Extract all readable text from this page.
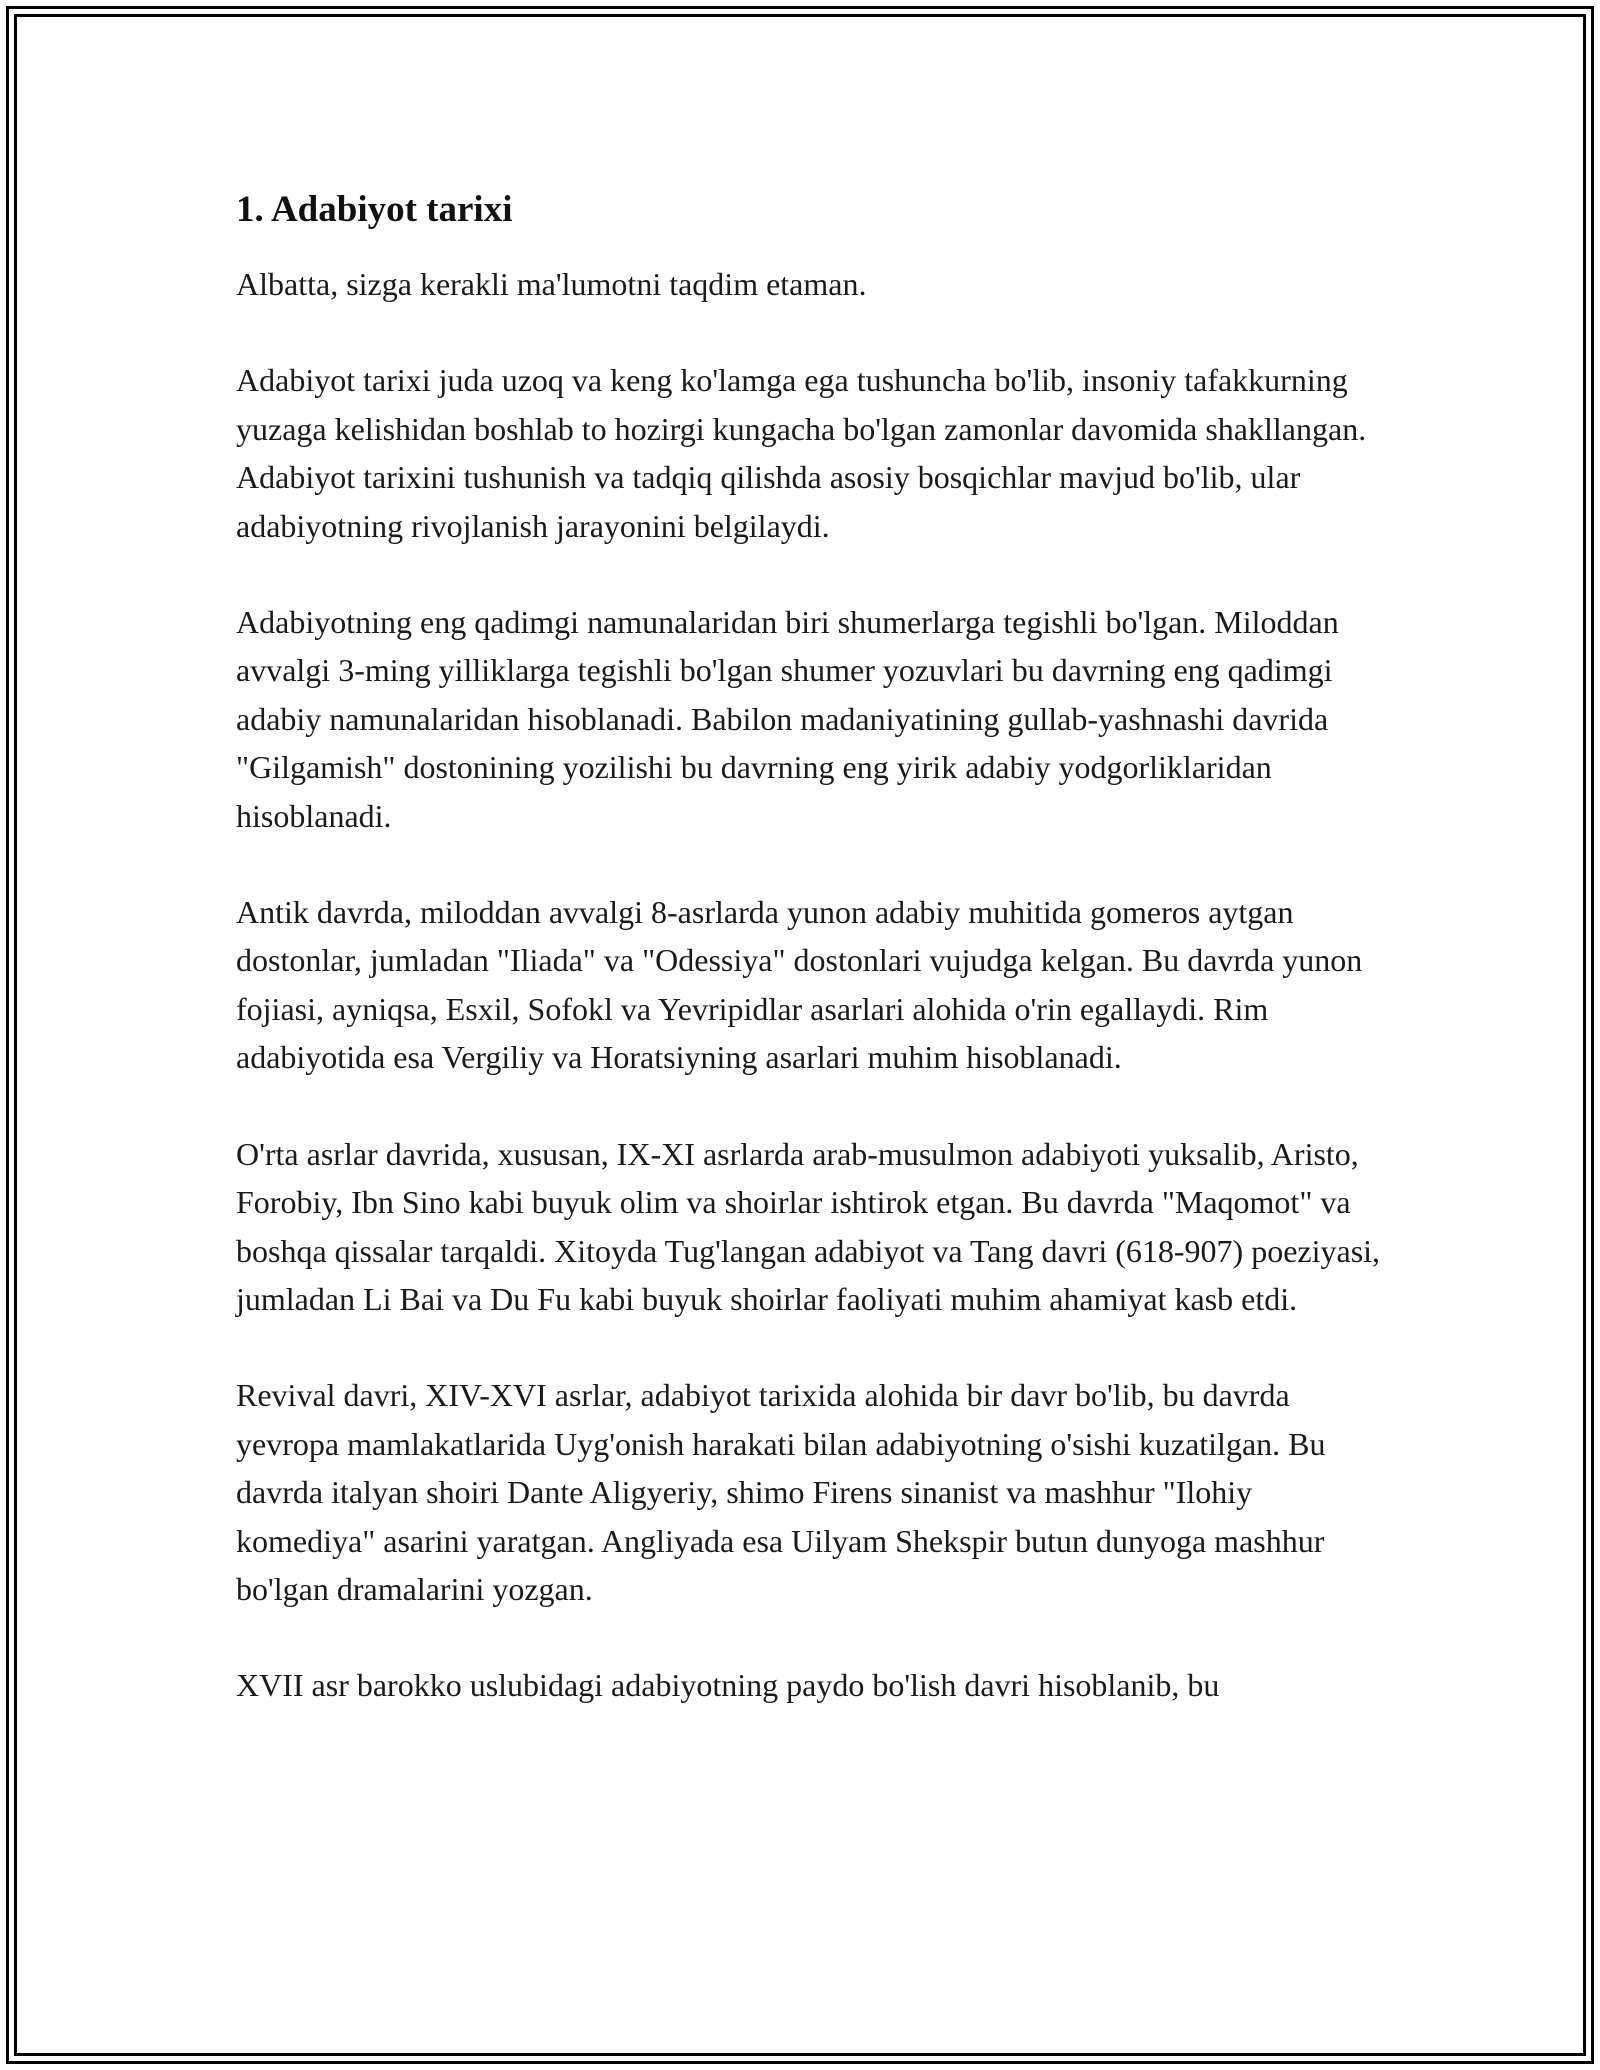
1. Adabiyot tarixi

Albatta, sizga kerakli ma'lumotni taqdim etaman.

Adabiyot tarixi juda uzoq va keng ko'lamga ega tushuncha bo'lib, insoniy tafakkurning yuzaga kelishidan boshlab to hozirgi kungacha bo'lgan zamonlar davomida shakllangan. Adabiyot tarixini tushunish va tadqiq qilishda asosiy bosqichlar mavjud bo'lib, ular adabiyotning rivojlanish jarayonini belgilaydi.

Adabiyotning eng qadimgi namunalaridan biri shumerlarga tegishli bo'lgan. Miloddan avvalgi 3-ming yilliklarga tegishli bo'lgan shumer yozuvlari bu davrning eng qadimgi adabiy namunalaridan hisoblanadi. Babilon madaniyatining gullab-yashnashi davrida "Gilgamish" dostonining yozilishi bu davrning eng yirik adabiy yodgorliklaridan hisoblanadi.

Antik davrda, miloddan avvalgi 8-asrlarda yunon adabiy muhitida gomeros aytgan dostonlar, jumladan "Iliada" va "Odessiya" dostonlari vujudga kelgan. Bu davrda yunon fojiasi, ayniqsa, Esxil, Sofokl va Yevripidlar asarlari alohida o'rin egallaydi. Rim adabiyotida esa Vergiliy va Horatsiyning asarlari muhim hisoblanadi.

O'rta asrlar davrida, xususan, IX-XI asrlarda arab-musulmon adabiyoti yuksalib, Aristo, Forobiy, Ibn Sino kabi buyuk olim va shoirlar ishtirok etgan. Bu davrda "Maqomot" va boshqa qissalar tarqaldi. Xitoyda Tug'langan adabiyot va Tang davri (618-907) poeziyasi, jumladan Li Bai va Du Fu kabi buyuk shoirlar faoliyati muhim ahamiyat kasb etdi.

Revival davri, XIV-XVI asrlar, adabiyot tarixida alohida bir davr bo'lib, bu davrda yevropa mamlakatlarida Uyg'onish harakati bilan adabiyotning o'sishi kuzatilgan. Bu davrda italyan shoiri Dante Aligyeriy, shimo Firens sinanist va mashhur "Ilohiy komediya" asarini yaratgan. Angliyada esa Uilyam Shekspir butun dunyoga mashhur bo'lgan dramalarini yozgan.

XVII asr barokko uslubidagi adabiyotning paydo bo'lish davri hisoblanib, bu
